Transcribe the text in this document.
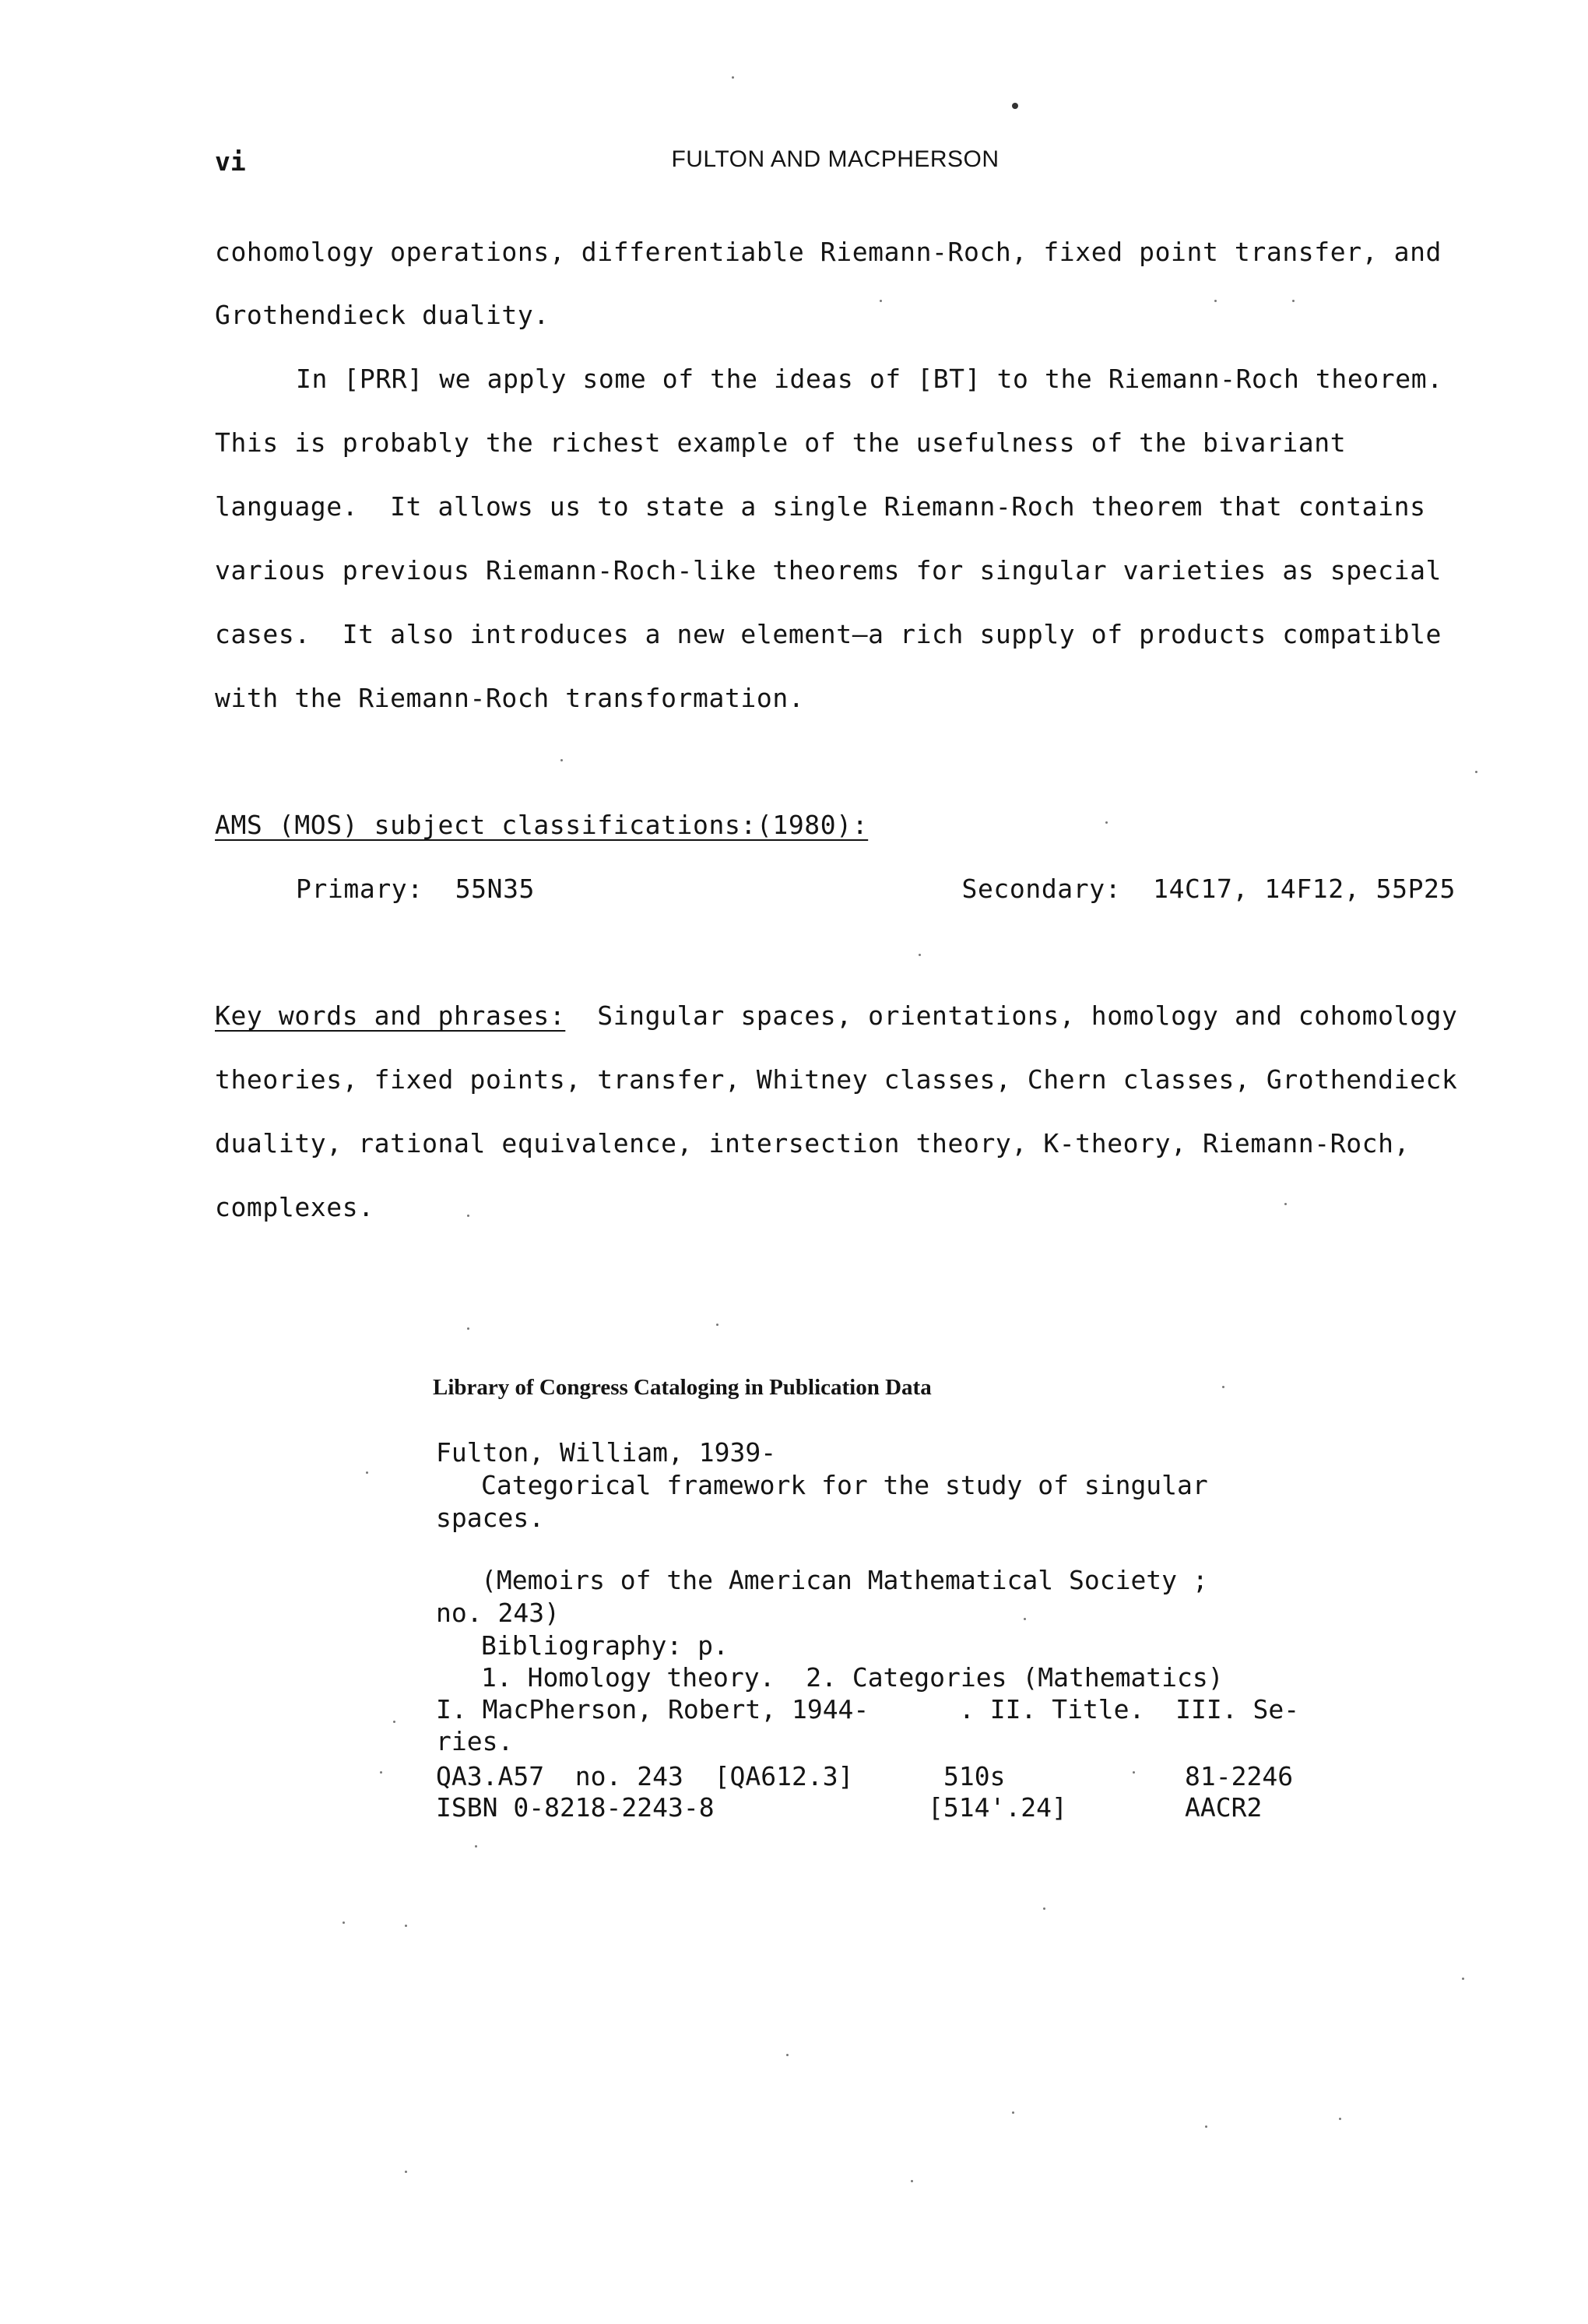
vi	FULTON AND MACPHERSON
cohomology operations, differentiable Riemann-Roch, fixed point transfer, and
Grothendieck duality.
In [PRR] we apply some of the ideas of [BT] to the Riemann-Roch theorem.
This is probably the richest example of the usefulness of the bivariant
language.  It allows us to state a single Riemann-Roch theorem that contains
various previous Riemann-Roch-like theorems for singular varieties as special
cases.  It also introduces a new element—a rich supply of products compatible
with the Riemann-Roch transformation.
AMS (MOS) subject classifications:(1980):
Primary: 55N35	Secondary: 14C17, 14F12, 55P25
Key words and phrases: Singular spaces, orientations, homology and cohomology
theories, fixed points, transfer, Whitney classes, Chern classes, Grothendieck
duality, rational equivalence, intersection theory, K-theory, Riemann-Roch,
complexes.
Library of Congress Cataloging in Publication Data
Fulton, William, 1939-
Categorical framework for the study of singular
spaces.
(Memoirs of the American Mathematical Society ;
no. 243)
Bibliography: p.
1. Homology theory.  2. Categories (Mathematics)
I. MacPherson, Robert, 1944-	. II. Title.  III. Se-
ries.
QA3.A57  no. 243  [QA612.3]	510s	81-2246
ISBN 0-8218-2243-8	[514'.24]	AACR2
